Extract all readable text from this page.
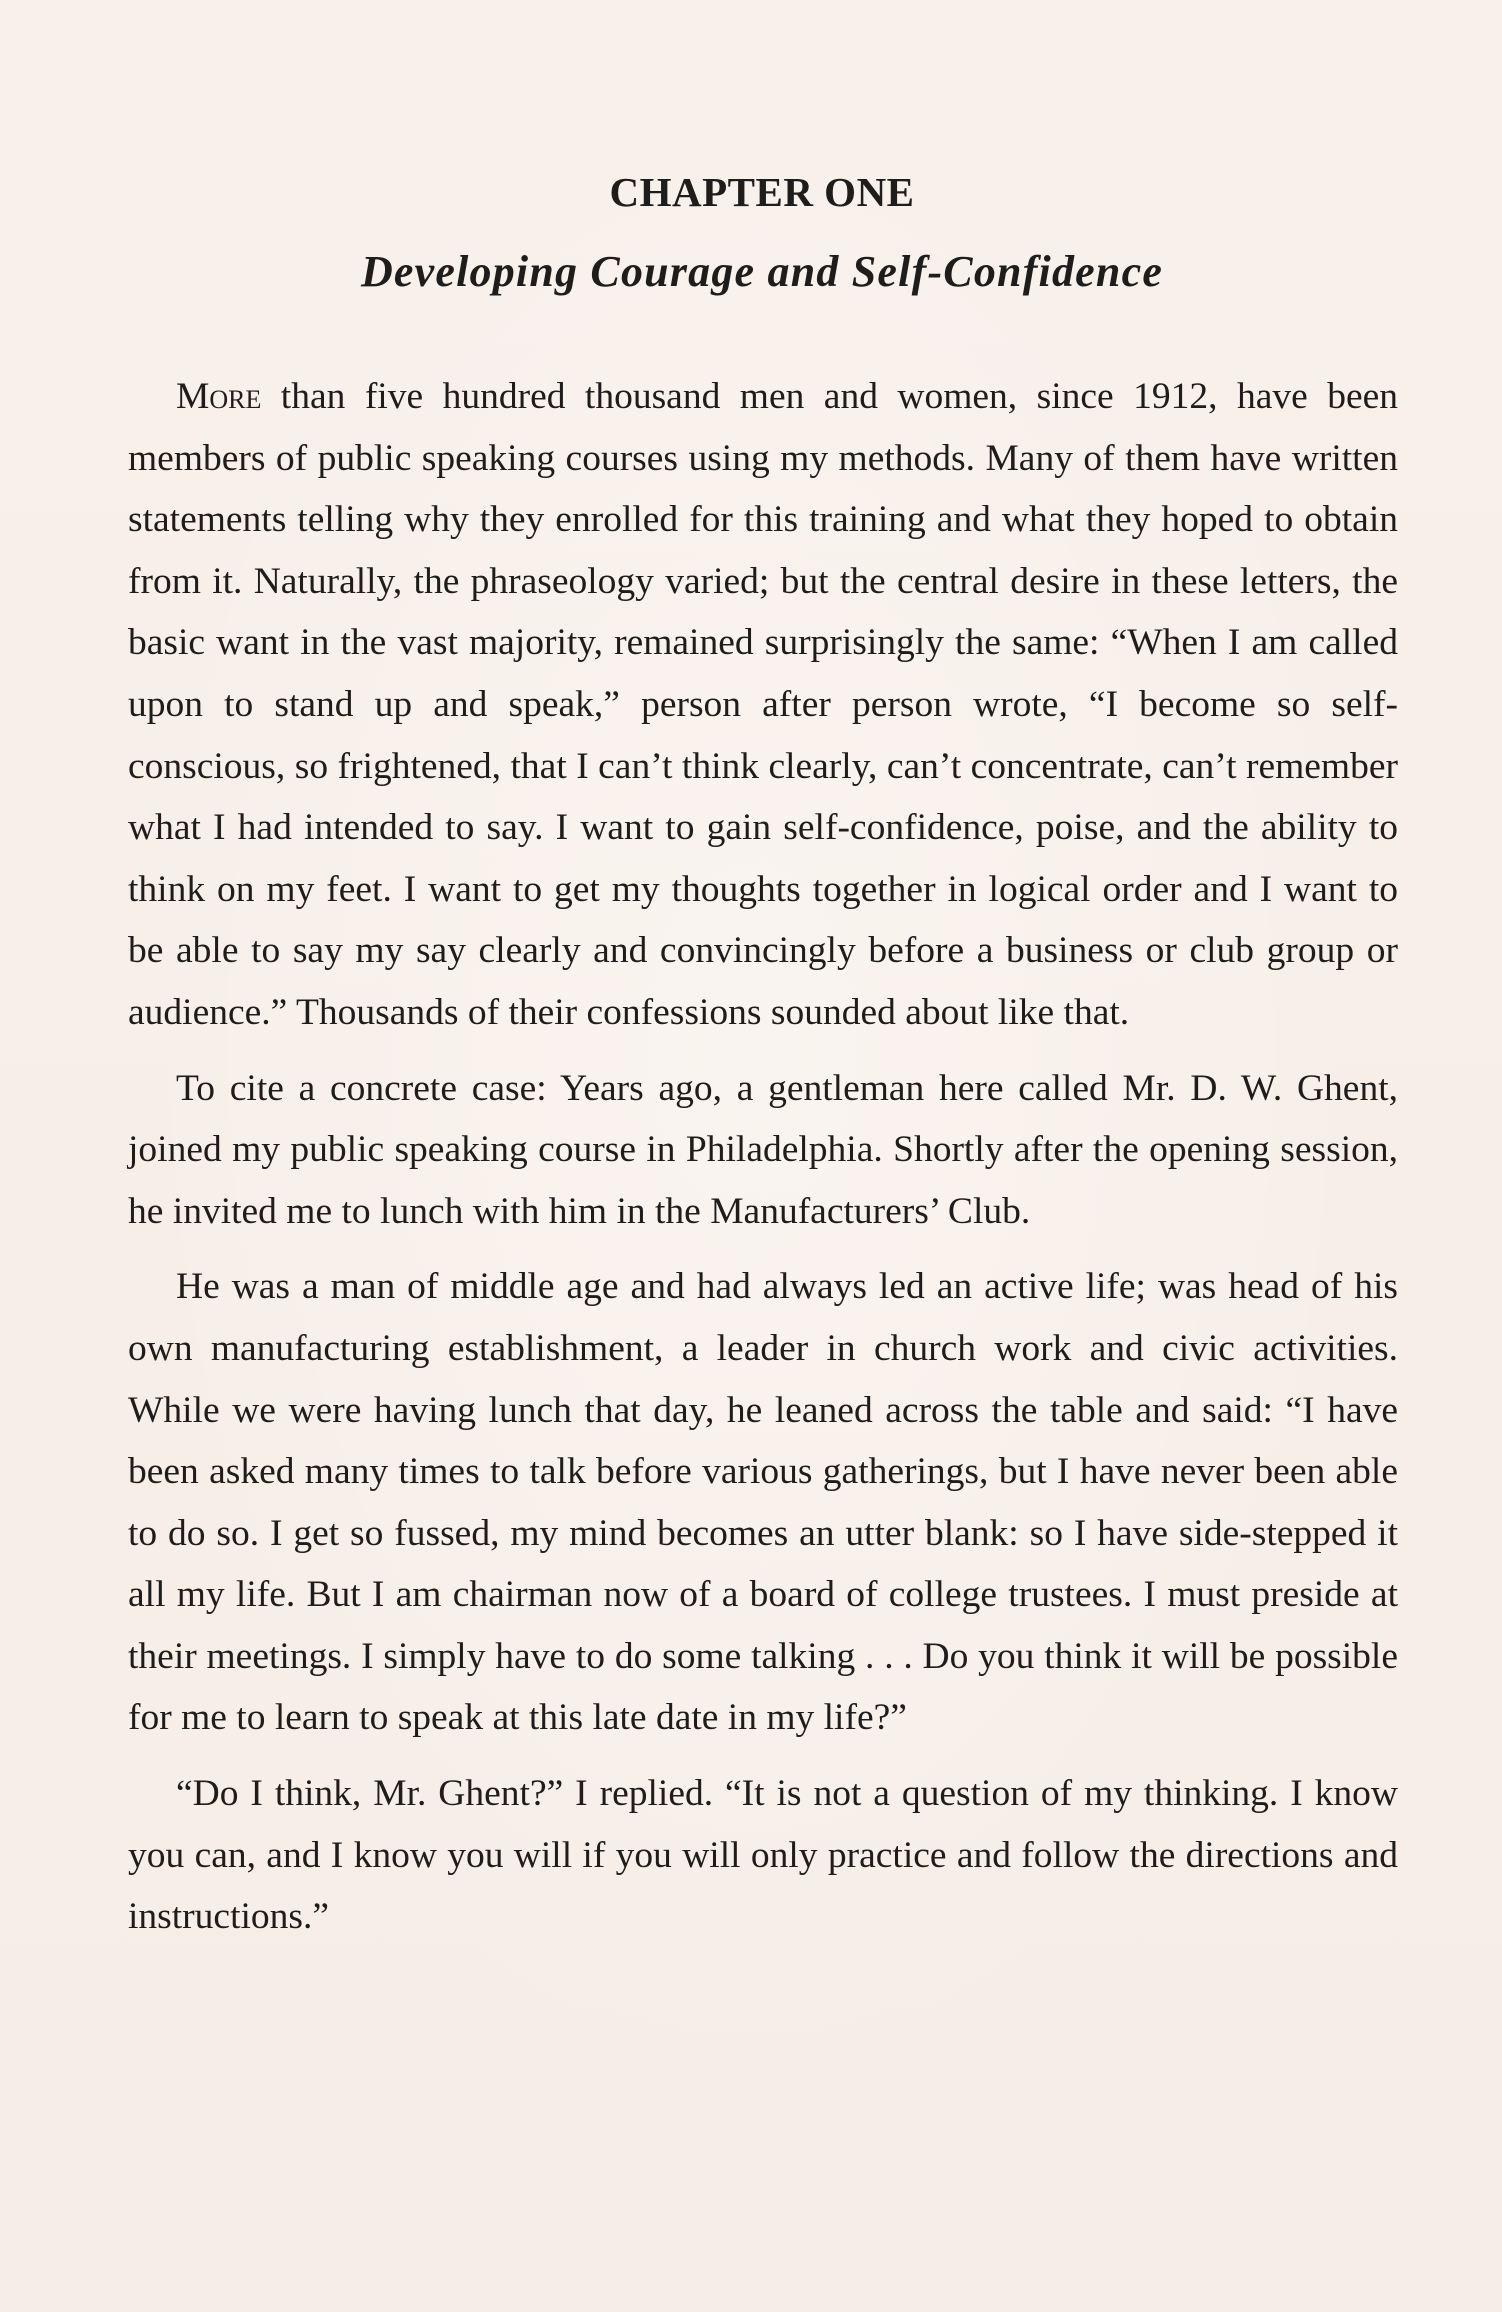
CHAPTER ONE
Developing Courage and Self-Confidence

More than five hundred thousand men and women, since 1912, have been members of public speaking courses using my methods. Many of them have written statements telling why they enrolled for this training and what they hoped to obtain from it. Naturally, the phraseology varied; but the central desire in these letters, the basic want in the vast majority, remained surprisingly the same: “When I am called upon to stand up and speak,” person after person wrote, “I become so self-conscious, so frightened, that I can’t think clearly, can’t concentrate, can’t remember what I had intended to say. I want to gain self-confidence, poise, and the ability to think on my feet. I want to get my thoughts together in logical order and I want to be able to say my say clearly and convincingly before a business or club group or audience.” Thousands of their confessions sounded about like that.

To cite a concrete case: Years ago, a gentleman here called Mr. D. W. Ghent, joined my public speaking course in Philadelphia. Shortly after the opening session, he invited me to lunch with him in the Manufacturers’ Club.

He was a man of middle age and had always led an active life; was head of his own manufacturing establishment, a leader in church work and civic activities. While we were having lunch that day, he leaned across the table and said: “I have been asked many times to talk before various gatherings, but I have never been able to do so. I get so fussed, my mind becomes an utter blank: so I have side-stepped it all my life. But I am chairman now of a board of college trustees. I must preside at their meetings. I simply have to do some talking . . . Do you think it will be possible for me to learn to speak at this late date in my life?”

“Do I think, Mr. Ghent?” I replied. “It is not a question of my thinking. I know you can, and I know you will if you will only practice and follow the directions and instructions.”
